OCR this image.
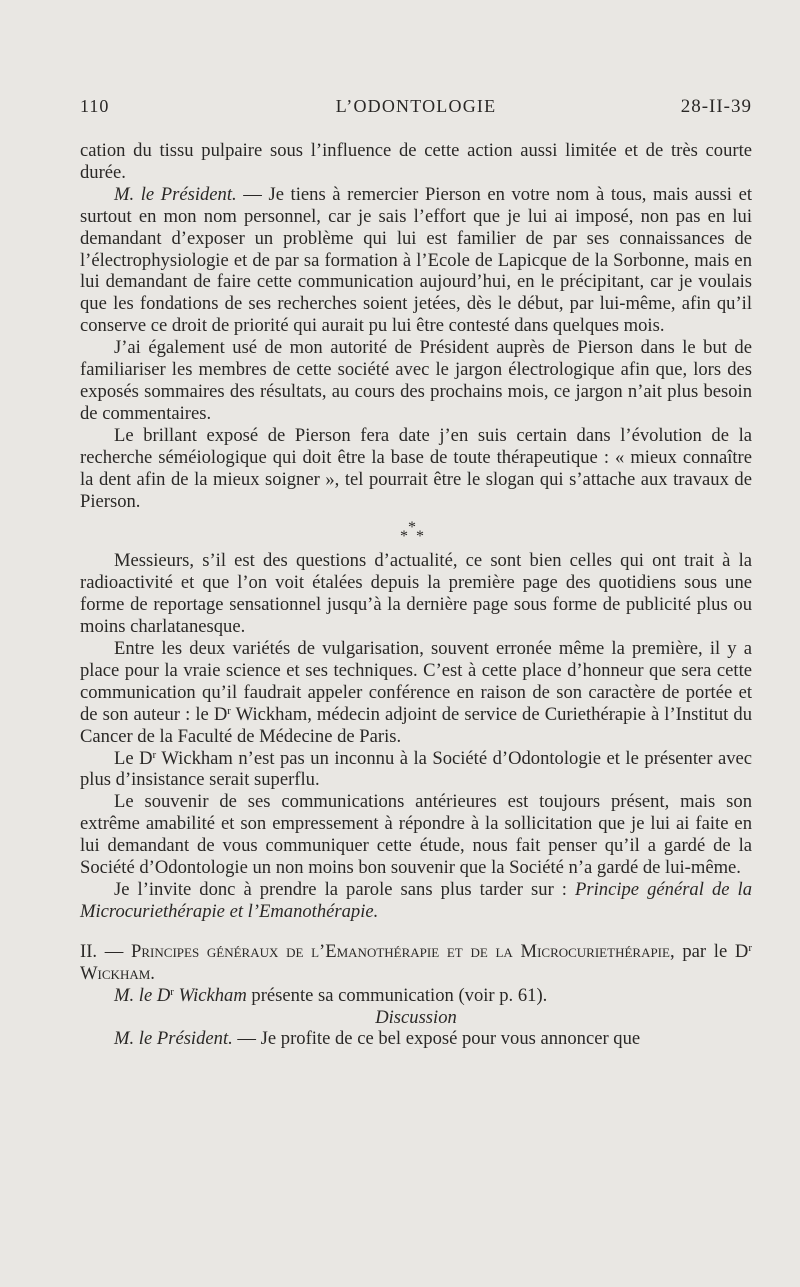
110	L’ODONTOLOGIE	28-II-39

cation du tissu pulpaire sous l’influence de cette action aussi limitée et de très courte durée.

M. le Président. — Je tiens à remercier Pierson en votre nom à tous, mais aussi et surtout en mon nom personnel, car je sais l’effort que je lui ai imposé, non pas en lui demandant d’exposer un problème qui lui est familier de par ses connaissances de l’électrophysiologie et de par sa formation à l’Ecole de Lapicque de la Sorbonne, mais en lui demandant de faire cette communication aujourd’hui, en le précipitant, car je voulais que les fondations de ses recherches soient jetées, dès le début, par lui-même, afin qu’il conserve ce droit de priorité qui aurait pu lui être contesté dans quelques mois.

J’ai également usé de mon autorité de Président auprès de Pierson dans le but de familiariser les membres de cette société avec le jargon électrologique afin que, lors des exposés sommaires des résultats, au cours des prochains mois, ce jargon n’ait plus besoin de commentaires.

Le brillant exposé de Pierson fera date j’en suis certain dans l’évolution de la recherche séméiologique qui doit être la base de toute thérapeutique : « mieux connaître la dent afin de la mieux soigner », tel pourrait être le slogan qui s’attache aux travaux de Pierson.

*
* *

Messieurs, s’il est des questions d’actualité, ce sont bien celles qui ont trait à la radioactivité et que l’on voit étalées depuis la première page des quotidiens sous une forme de reportage sensationnel jusqu’à la dernière page sous forme de publicité plus ou moins charlatanesque.

Entre les deux variétés de vulgarisation, souvent erronée même la première, il y a place pour la vraie science et ses techniques. C’est à cette place d’honneur que sera cette communication qu’il faudrait appeler conférence en raison de son caractère de portée et de son auteur : le $D^r$ Wickham, médecin adjoint de service de Curiethérapie à l’Institut du Cancer de la Faculté de Médecine de Paris.

Le $D^r$ Wickham n’est pas un inconnu à la Société d’Odontologie et le présenter avec plus d’insistance serait superflu.

Le souvenir de ses communications antérieures est toujours présent, mais son extrême amabilité et son empressement à répondre à la sollicitation que je lui ai faite en lui demandant de vous communiquer cette étude, nous fait penser qu’il a gardé de la Société d’Odontologie un non moins bon souvenir que la Société n’a gardé de lui-même.

Je l’invite donc à prendre la parole sans plus tarder sur : Principe général de la Microcuriethérapie et l’Emanothérapie.

II. — Principes généraux de l’Emanothérapie et de la Microcuriethérapie, par le $D^r$ Wickham.

M. le $D^r$ Wickham présente sa communication (voir p. 61).

Discussion

M. le Président. — Je profite de ce bel exposé pour vous annoncer que
